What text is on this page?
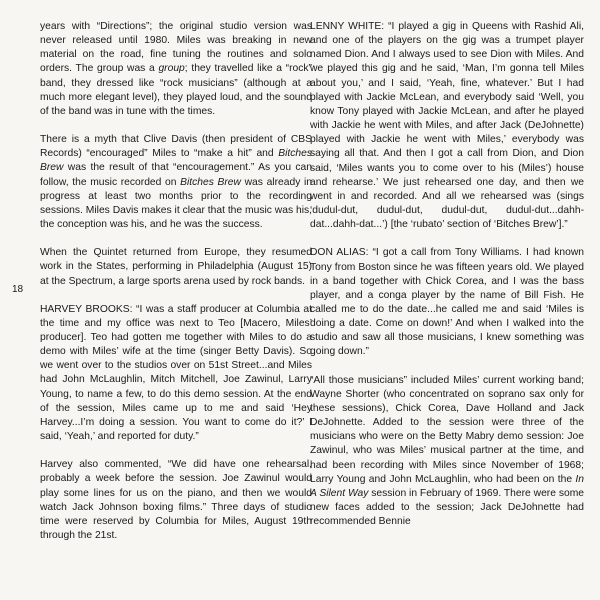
18

years with “Directions”; the original studio version was never released until 1980. Miles was breaking in new material on the road, fine tuning the routines and solo orders. The group was a group; they travelled like a “rock” band, they dressed like “rock musicians” (although at a much more elegant level), they played loud, and the sound of the band was in tune with the times.

There is a myth that Clive Davis (then president of CBS Records) “encouraged” Miles to “make a hit” and Bitches Brew was the result of that “encouragement.” As you can follow, the music recorded on Bitches Brew was already in progress at least two months prior to the recording sessions. Miles Davis makes it clear that the music was his, the conception was his, and he was the success.

When the Quintet returned from Europe, they resumed work in the States, performing in Philadelphia (August 15) at the Spectrum, a large sports arena used by rock bands.

HARVEY BROOKS: “I was a staff producer at Columbia at the time and my office was next to Teo [Macero, Miles’ producer]. Teo had gotten me together with Miles to do a demo with Miles’ wife at the time (singer Betty Davis). So we went over to the studios over on 51st Street...and Miles had John McLaughlin, Mitch Mitchell, Joe Zawinul, Larry Young, to name a few, to do this demo session. At the end of the session, Miles came up to me and said ‘Hey Harvey...I’m doing a session. You want to come do it?’ I said, ‘Yeah,’ and reported for duty.”

Harvey also commented, “We did have one rehearsal, probably a week before the session. Joe Zawinul would play some lines for us on the piano, and then we would watch Jack Johnson boxing films.” Three days of studio time were reserved by Columbia for Miles, August 19th through the 21st.

LENNY WHITE: “I played a gig in Queens with Rashid Ali, and one of the players on the gig was a trumpet player named Dion. And I always used to see Dion with Miles. And we played this gig and he said, ‘Man, I’m gonna tell Miles about you,’ and I said, ‘Yeah, fine, whatever.’ But I had played with Jackie McLean, and everybody said ‘Well, you know Tony played with Jackie McLean, and after he played with Jackie he went with Miles, and after Jack (DeJohnette) played with Jackie he went with Miles,’ everybody was saying all that. And then I got a call from Dion, and Dion said, ‘Miles wants you to come over to his (Miles’) house and rehearse.’ We just rehearsed one day, and then we went in and recorded. And all we rehearsed was (sings ‘dudul-dut, dudul-dut, dudul-dut, dudul-dut...dahh-dat...dahh-dat...’) [the ‘rubato’ section of ‘Bitches Brew’].”

DON ALIAS: “I got a call from Tony Williams. I had known Tony from Boston since he was fifteen years old. We played in a band together with Chick Corea, and I was the bass player, and a conga player by the name of Bill Fish. He called me to do the date...he called me and said ‘Miles is doing a date. Come on down!’ And when I walked into the studio and saw all those musicians, I knew something was going down.”

“All those musicians” included Miles’ current working band; Wayne Shorter (who concentrated on soprano sax only for these sessions), Chick Corea, Dave Holland and Jack DeJohnette. Added to the session were three of the musicians who were on the Betty Mabry demo session: Joe Zawinul, who was Miles’ musical partner at the time, and had been recording with Miles since November of 1968; Larry Young and John McLaughlin, who had been on the In A Silent Way session in February of 1969. There were some new faces added to the session; Jack DeJohnette had recommended Bennie
